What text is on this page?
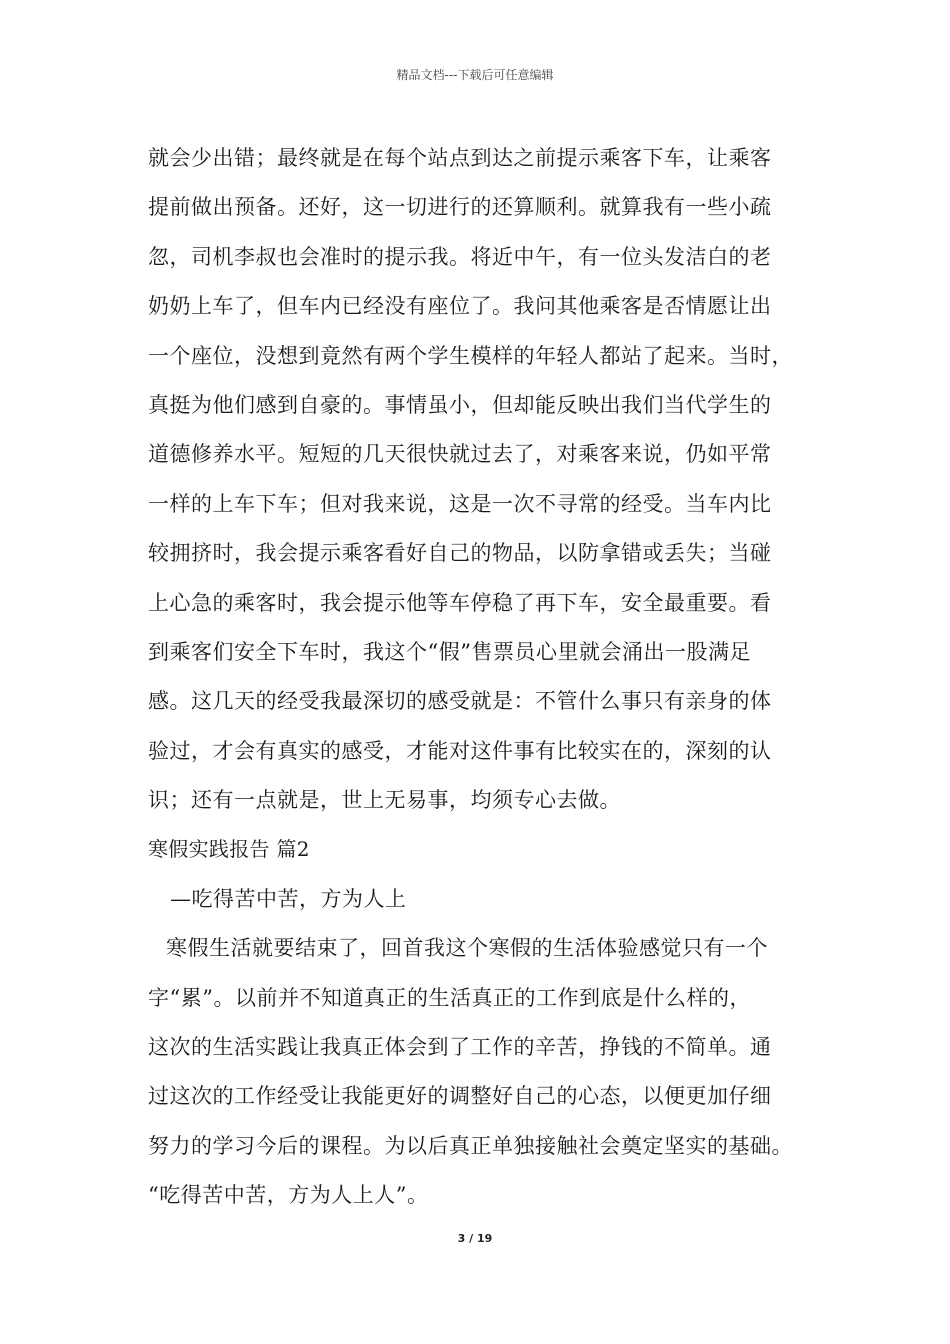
精品文档---下载后可任意编辑
就会少出错；最终就是在每个站点到达之前提示乘客下车，让乘客
提前做出预备。还好，这一切进行的还算顺利。就算我有一些小疏
忽，司机李叔也会准时的提示我。将近中午，有一位头发洁白的老
奶奶上车了，但车内已经没有座位了。我问其他乘客是否情愿让出
一个座位，没想到竟然有两个学生模样的年轻人都站了起来。当时，
真挺为他们感到自豪的。事情虽小，但却能反映出我们当代学生的
道德修养水平。短短的几天很快就过去了，对乘客来说，仍如平常
一样的上车下车；但对我来说，这是一次不寻常的经受。当车内比
较拥挤时，我会提示乘客看好自己的物品，以防拿错或丢失；当碰
上心急的乘客时，我会提示他等车停稳了再下车，安全最重要。看
到乘客们安全下车时，我这个“假”售票员心里就会涌出一股满足
感。这几天的经受我最深切的感受就是：不管什么事只有亲身的体
验过，才会有真实的感受，才能对这件事有比较实在的，深刻的认
识；还有一点就是，世上无易事，均须专心去做。
寒假实践报告 篇2
—吃得苦中苦，方为人上
寒假生活就要结束了，回首我这个寒假的生活体验感觉只有一个
字“累”。以前并不知道真正的生活真正的工作到底是什么样的，
这次的生活实践让我真正体会到了工作的辛苦，挣钱的不简单。通
过这次的工作经受让我能更好的调整好自己的心态，以便更加仔细
努力的学习今后的课程。为以后真正单独接触社会奠定坚实的基础。
“吃得苦中苦，方为人上人”。
3 / 19
